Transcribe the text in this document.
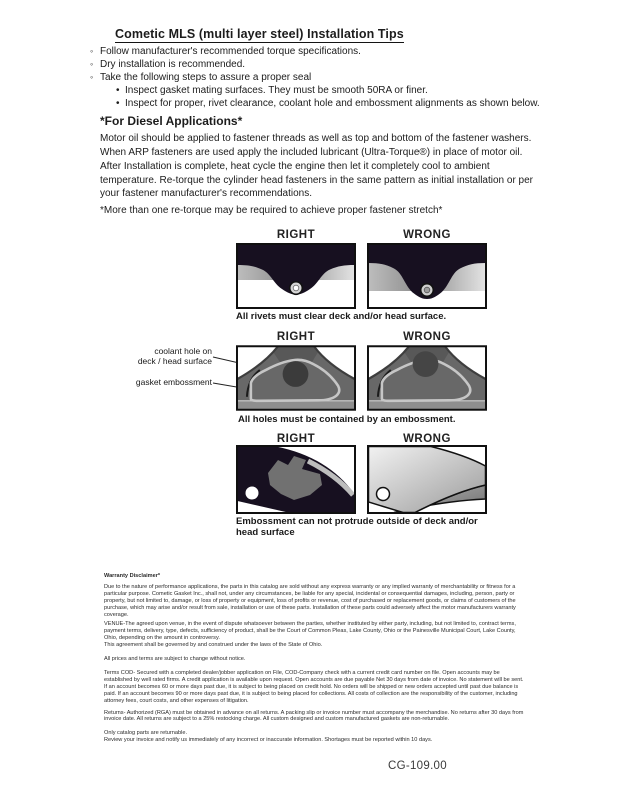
Cometic MLS (multi layer steel) Installation Tips
◦ Follow manufacturer's recommended torque specifications.
◦ Dry installation is recommended.
◦ Take the following steps to assure a proper seal
• Inspect gasket mating surfaces. They must be smooth 50RA or finer.
• Inspect for proper, rivet clearance, coolant hole and embossment alignments as shown below.
*For Diesel Applications*
Motor oil should be applied to fastener threads as well as top and bottom of the fastener washers. When ARP fasteners are used apply the included lubricant (Ultra-Torque®) in place of motor oil.
After Installation is complete, heat cycle the engine then let it completely cool to ambient temperature. Re-torque the cylinder head fasteners in the same pattern as initial installation or per your fastener manufacturer's recommendations.
*More than one re-torque may be required to achieve proper fastener stretch*
RIGHT	WRONG
All rivets must clear deck and/or head surface.
RIGHT	WRONG
coolant hole on
deck / head surface
gasket embossment
All holes must be contained by an embossment.
RIGHT	WRONG
Embossment can not protrude outside of deck and/or head surface

Warranty Disclaimer*

Due to the nature of performance applications, the parts in this catalog are sold without any express warranty or any implied warranty of merchantability or fitness for a particular purpose. Cometic Gasket Inc., shall not, under any circumstances, be liable for any special, incidental or consequential damages, including, person, party or property, but not limited to, damage, or loss of property or equipment, loss of profits or revenue, cost of purchased or replacement goods, or claims of customers of the purchase, which may arise and/or result from sale, installation or use of these parts. Installation of these parts could adversely affect the motor manufacturers warranty coverage.

VENUE-The agreed upon venue, in the event of dispute whatsoever between the parties, whether instituted by either party, including, but not limited to, contract terms, payment terms, delivery, type, defects, sufficiency of product, shall be the Court of Common Pleas, Lake County, Ohio or the Painesville Municipal Court, Lake County, Ohio, depending on the amount in controversy.

This agreement shall be governed by and construed under the laws of the State of Ohio.

All prices and terms are subject to change without notice.

Terms COD- Secured with a completed dealer/jobber application on File, COD-Company check with a current credit card number on file. Open accounts may be established by well rated firms. A credit application is available upon request. Open accounts are due payable Net 30 days from date of invoice. No statement will be sent. If an account becomes 60 or more days past due, it is subject to being placed on credit hold. No orders will be shipped or new orders accepted until past due balance is paid. If an account becomes 90 or more days past due, it is subject to being placed for collections. All costs of collection are the responsibility of the customer, including attorney fees, court costs, and other expenses of litigation.

Returns- Authorized (RGA) must be obtained in advance on all returns. A packing slip or invoice number must accompany the merchandise. No returns after 30 days from invoice date. All returns are subject to a 25% restocking charge. All custom designed and custom manufactured gaskets are non-returnable.

Only catalog parts are returnable.

Review your invoice and notify us immediately of any incorrect or inaccurate information. Shortages must be reported within 10 days.

CG-109.00
